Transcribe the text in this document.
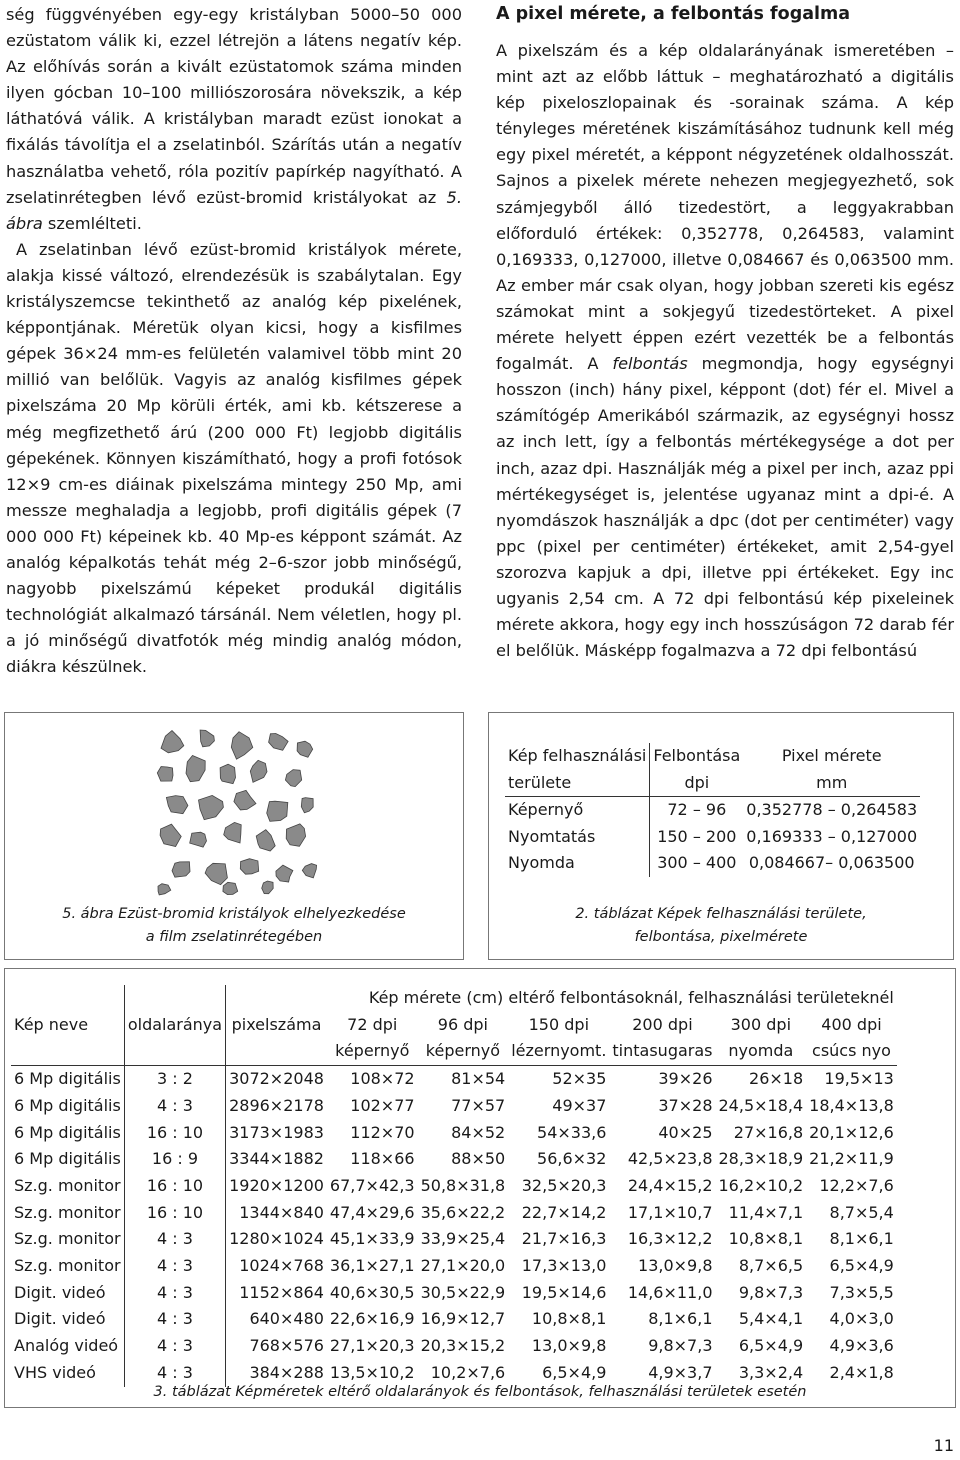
ség függvényében egy-egy kristályban 5000–50 000 ezüstatom válik ki, ezzel létrejön a látens negatív kép. Az előhívás során a kivált ezüstatomok száma minden ilyen gócban 10–100 milliószorosára növekszik, a kép láthatóvá válik. A kristályban maradt ezüst ionokat a fixálás távolítja el a zselatinból. Szárítás után a negatív használatba vehető, róla pozitív papírkép nagyítható. A zselatinrétegben lévő ezüst-bromid kristályokat az 5. ábra szemlélteti.

A zselatinban lévő ezüst-bromid kristályok mérete, alakja kissé változó, elrendezésük is szabálytalan. Egy kristályszemcse tekinthető az analóg kép pixelének, képpontjának. Méretük olyan kicsi, hogy a kisfilmes gépek 36×24 mm-es felületén valamivel több mint 20 millió van belőlük. Vagyis az analóg kisfilmes gépek pixelszáma 20 Mp körüli érték, ami kb. kétszerese a még megfizethető árú (200 000 Ft) legjobb digitális gépekének. Könnyen kiszámítható, hogy a profi fotósok 12×9 cm-es diáinak pixelszáma mintegy 250 Mp, ami messze meghaladja a legjobb, profi digitális gépek (7 000 000 Ft) képeinek kb. 40 Mp-es képpont számát. Az analóg képalkotás tehát még 2–6-szor jobb minőségű, nagyobb pixelszámú képeket produkál digitális technológiát alkalmazó társánál. Nem véletlen, hogy pl. a jó minőségű divatfotók még mindig analóg módon, diákra készülnek.

A pixel mérete, a felbontás fogalma

A pixelszám és a kép oldalarányának ismeretében – mint azt az előbb láttuk – meghatározható a digitális kép pixeloszlopainak és -sorainak száma. A kép tényleges méretének kiszámításához tudnunk kell még egy pixel méretét, a képpont négyzetének oldalhosszát. Sajnos a pixelek mérete nehezen megjegyezhető, sok számjegyből álló tizedestört, a leggyakrabban előforduló értékek: 0,352778, 0,264583, valamint 0,169333, 0,127000, illetve 0,084667 és 0,063500 mm. Az ember már csak olyan, hogy jobban szereti kis egész számokat mint a sokjegyű tizedestörteket. A pixel mérete helyett éppen ezért vezették be a felbontás fogalmát. A felbontás megmondja, hogy egységnyi hosszon (inch) hány pixel, képpont (dot) fér el. Mivel a számítógép Amerikából származik, az egységnyi hossz az inch lett, így a felbontás mértékegysége a dot per inch, azaz dpi. Használják még a pixel per inch, azaz ppi mértékegységet is, jelentése ugyanaz mint a dpi-é. A nyomdászok használják a dpc (dot per centiméter) vagy ppc (pixel per centiméter) értékeket, amit 2,54-gyel szorozva kapjuk a dpi, illetve ppi értékeket. Egy inc ugyanis 2,54 cm. A 72 dpi felbontású kép pixeleinek mérete akkora, hogy egy inch hosszúságon 72 darab fér el belőlük. Másképp fogalmazva a 72 dpi felbontású

5. ábra Ezüst-bromid kristályok elhelyezkedése
a film zselatinrétegében
Kép felhasználási	Felbontása	Pixel mérete
területe	dpi	mm
Képernyő	72 – 96	0,352778 – 0,264583
Nyomtatás	150 – 200	0,169333 – 0,127000
Nyomda	300 – 400	0,084667– 0,063500
2. táblázat Képek felhasználási területe,
felbontása, pixelmérete
			Kép mérete (cm) eltérő felbontásoknál, felhasználási területeknél					
Kép neve	oldalaránya	pixelszáma	72 dpi	96 dpi	150 dpi	200 dpi	300 dpi	400 dpi
			képernyő	képernyő	lézernyomt.	tintasugaras	nyomda	csúcs nyo
6 Mp digitális	3 : 2	3072×2048	108×72	81×54	52×35	39×26	26×18	19,5×13
6 Mp digitális	4 : 3	2896×2178	102×77	77×57	49×37	37×28	24,5×18,4	18,4×13,8
6 Mp digitális	16 : 10	3173×1983	112×70	84×52	54×33,6	40×25	27×16,8	20,1×12,6
6 Mp digitális	16 : 9	3344×1882	118×66	88×50	56,6×32	42,5×23,8	28,3×18,9	21,2×11,9
Sz.g. monitor	16 : 10	1920×1200	67,7×42,3	50,8×31,8	32,5×20,3	24,4×15,2	16,2×10,2	12,2×7,6
Sz.g. monitor	16 : 10	1344×840	47,4×29,6	35,6×22,2	22,7×14,2	17,1×10,7	11,4×7,1	8,7×5,4
Sz.g. monitor	4 : 3	1280×1024	45,1×33,9	33,9×25,4	21,7×16,3	16,3×12,2	10,8×8,1	8,1×6,1
Sz.g. monitor	4 : 3	1024×768	36,1×27,1	27,1×20,0	17,3×13,0	13,0×9,8	8,7×6,5	6,5×4,9
Digit. videó	4 : 3	1152×864	40,6×30,5	30,5×22,9	19,5×14,6	14,6×11,0	9,8×7,3	7,3×5,5
Digit. videó	4 : 3	640×480	22,6×16,9	16,9×12,7	10,8×8,1	8,1×6,1	5,4×4,1	4,0×3,0
Analóg videó	4 : 3	768×576	27,1×20,3	20,3×15,2	13,0×9,8	9,8×7,3	6,5×4,9	4,9×3,6
VHS videó	4 : 3	384×288	13,5×10,2	10,2×7,6	6,5×4,9	4,9×3,7	3,3×2,4	2,4×1,8
3. táblázat Képméretek eltérő oldalarányok és felbontások, felhasználási területek esetén
11
